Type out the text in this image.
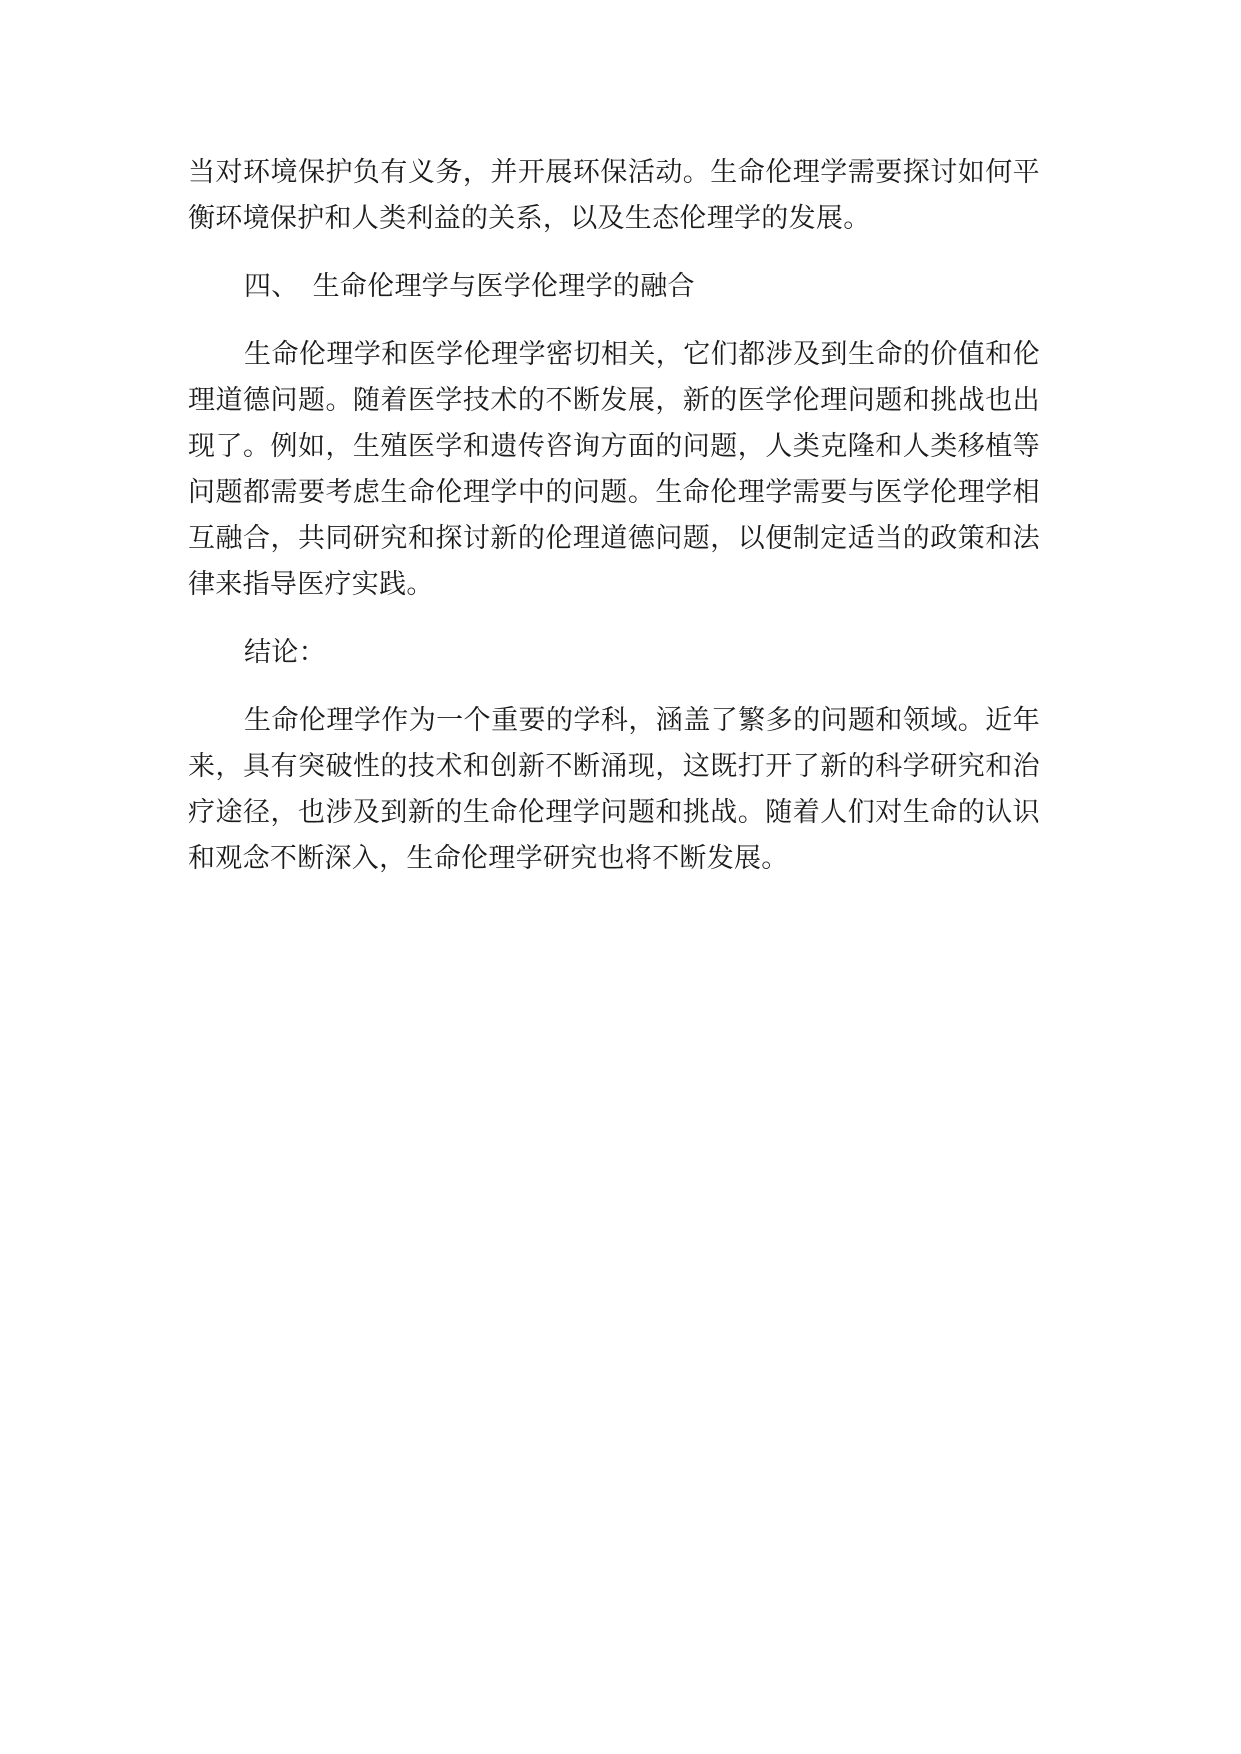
当对环境保护负有义务，并开展环保活动。生命伦理学需要探讨如何平衡环境保护和人类利益的关系，以及生态伦理学的发展。

四、 生命伦理学与医学伦理学的融合

生命伦理学和医学伦理学密切相关，它们都涉及到生命的价值和伦理道德问题。随着医学技术的不断发展，新的医学伦理问题和挑战也出现了。例如，生殖医学和遗传咨询方面的问题，人类克隆和人类移植等问题都需要考虑生命伦理学中的问题。生命伦理学需要与医学伦理学相互融合，共同研究和探讨新的伦理道德问题，以便制定适当的政策和法律来指导医疗实践。

结论：

生命伦理学作为一个重要的学科，涵盖了繁多的问题和领域。近年来，具有突破性的技术和创新不断涌现，这既打开了新的科学研究和治疗途径，也涉及到新的生命伦理学问题和挑战。随着人们对生命的认识和观念不断深入，生命伦理学研究也将不断发展。
